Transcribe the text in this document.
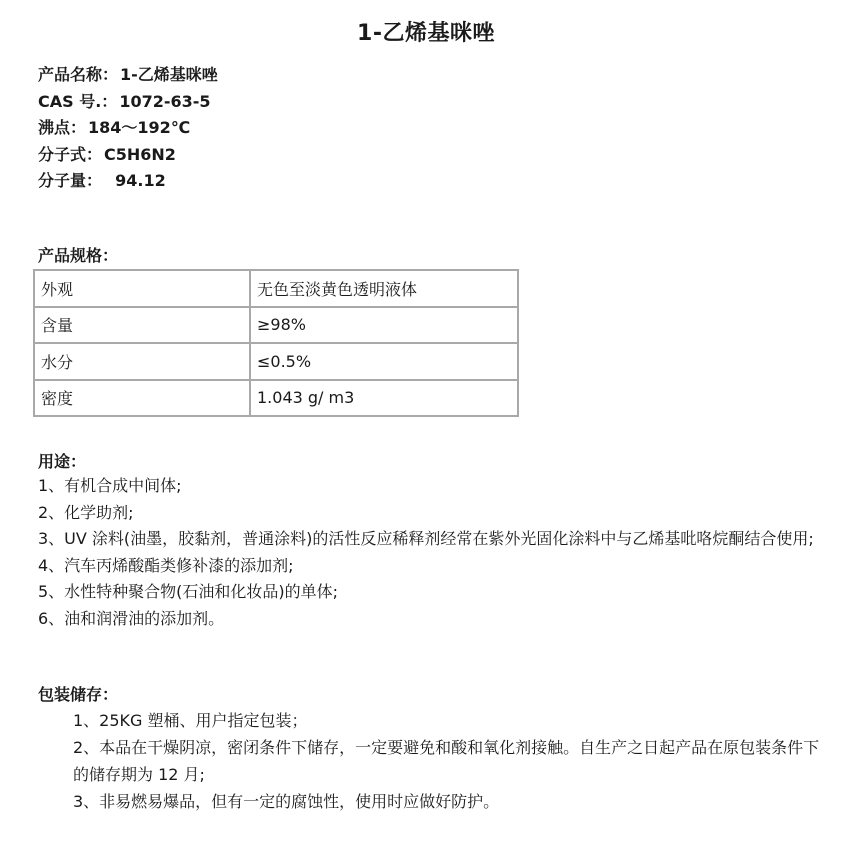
1-乙烯基咪唑
产品名称： 1-乙烯基咪唑
CAS 号.： 1072-63-5
沸点： 184～192℃
分子式： C5H6N2
分子量：  94.12
产品规格：
外观	无色至淡黄色透明液体
含量	≥98%
水分	≤0.5%
密度	1.043 g/ m3
用途：
1、有机合成中间体;
2、化学助剂;
3、UV 涂料(油墨，胶黏剂，普通涂料)的活性反应稀释剂经常在紫外光固化涂料中与乙烯基吡咯烷酮结合使用;
4、汽车丙烯酸酯类修补漆的添加剂;
5、水性特种聚合物(石油和化妆品)的单体;
6、油和润滑油的添加剂。
包装储存：
1、25KG 塑桶、用户指定包装；
2、本品在干燥阴凉，密闭条件下储存，一定要避免和酸和氧化剂接触。自生产之日起产品在原包装条件下的储存期为 12 月;
3、非易燃易爆品，但有一定的腐蚀性，使用时应做好防护。
